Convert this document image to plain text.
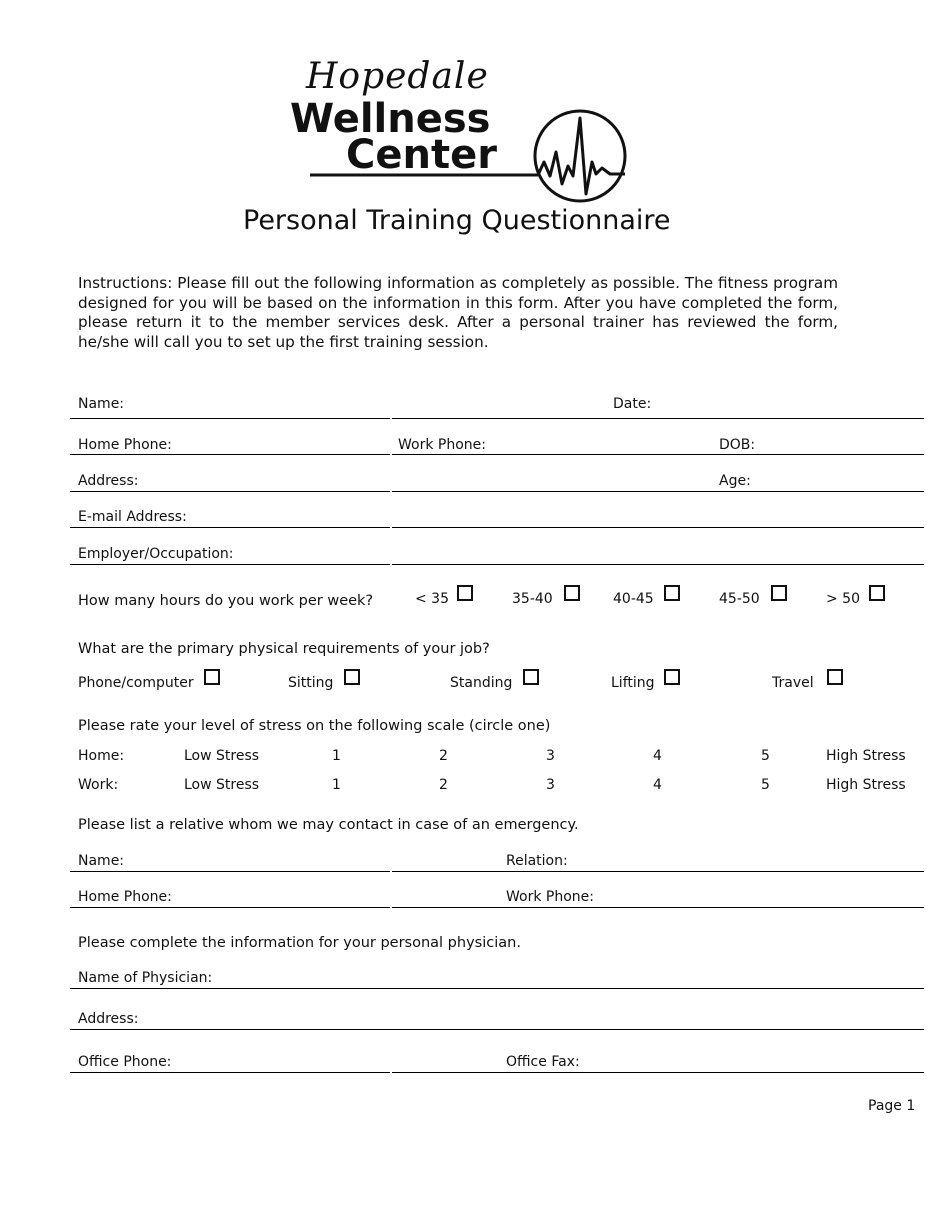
Hopedale
Wellness
Center
Personal Training Questionnaire
Instructions: Please fill out the following information as completely as possible. The fitness program designed for you will be based on the information in this form. After you have completed the form, please return it to the member services desk. After a personal trainer has reviewed the form, he/she will call you to set up the first training session.
Name:	Date:
Home Phone:	Work Phone:	DOB:
Address:	Age:
E-mail Address:
Employer/Occupation:
How many hours do you work per week?	< 35	35-40	40-45	45-50	> 50
What are the primary physical requirements of your job?
Phone/computer	Sitting	Standing	Lifting	Travel
Please rate your level of stress on the following scale (circle one)
Home:	Low Stress	1	2	3	4	5	High Stress
Work:	Low Stress	1	2	3	4	5	High Stress
Please list a relative whom we may contact in case of an emergency.
Name:	Relation:
Home Phone:	Work Phone:
Please complete the information for your personal physician.
Name of Physician:
Address:
Office Phone:	Office Fax:
Page 1
